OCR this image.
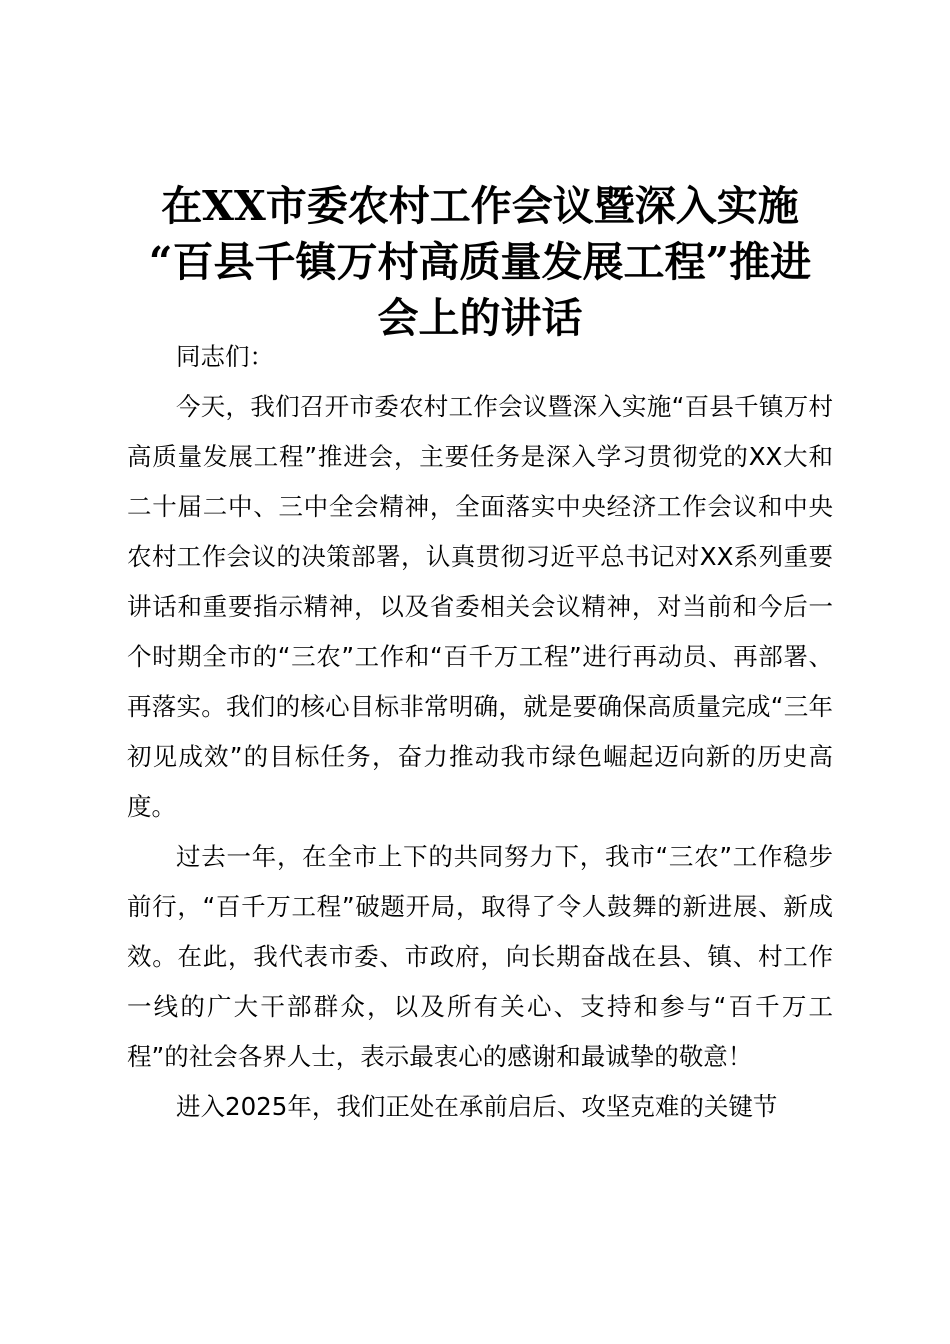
在XX市委农村工作会议暨深入实施
“百县千镇万村高质量发展工程”推进
会上的讲话

同志们：

今天，我们召开市委农村工作会议暨深入实施“百县千镇万村高质量发展工程”推进会，主要任务是深入学习贯彻党的XX大和二十届二中、三中全会精神，全面落实中央经济工作会议和中央农村工作会议的决策部署，认真贯彻习近平总书记对XX系列重要讲话和重要指示精神，以及省委相关会议精神，对当前和今后一个时期全市的“三农”工作和“百千万工程”进行再动员、再部署、再落实。我们的核心目标非常明确，就是要确保高质量完成“三年初见成效”的目标任务，奋力推动我市绿色崛起迈向新的历史高度。

过去一年，在全市上下的共同努力下，我市“三农”工作稳步前行，“百千万工程”破题开局，取得了令人鼓舞的新进展、新成效。在此，我代表市委、市政府，向长期奋战在县、镇、村工作一线的广大干部群众，以及所有关心、支持和参与“百千万工程”的社会各界人士，表示最衷心的感谢和最诚挚的敬意！

进入2025年，我们正处在承前启后、攻坚克难的关键节
